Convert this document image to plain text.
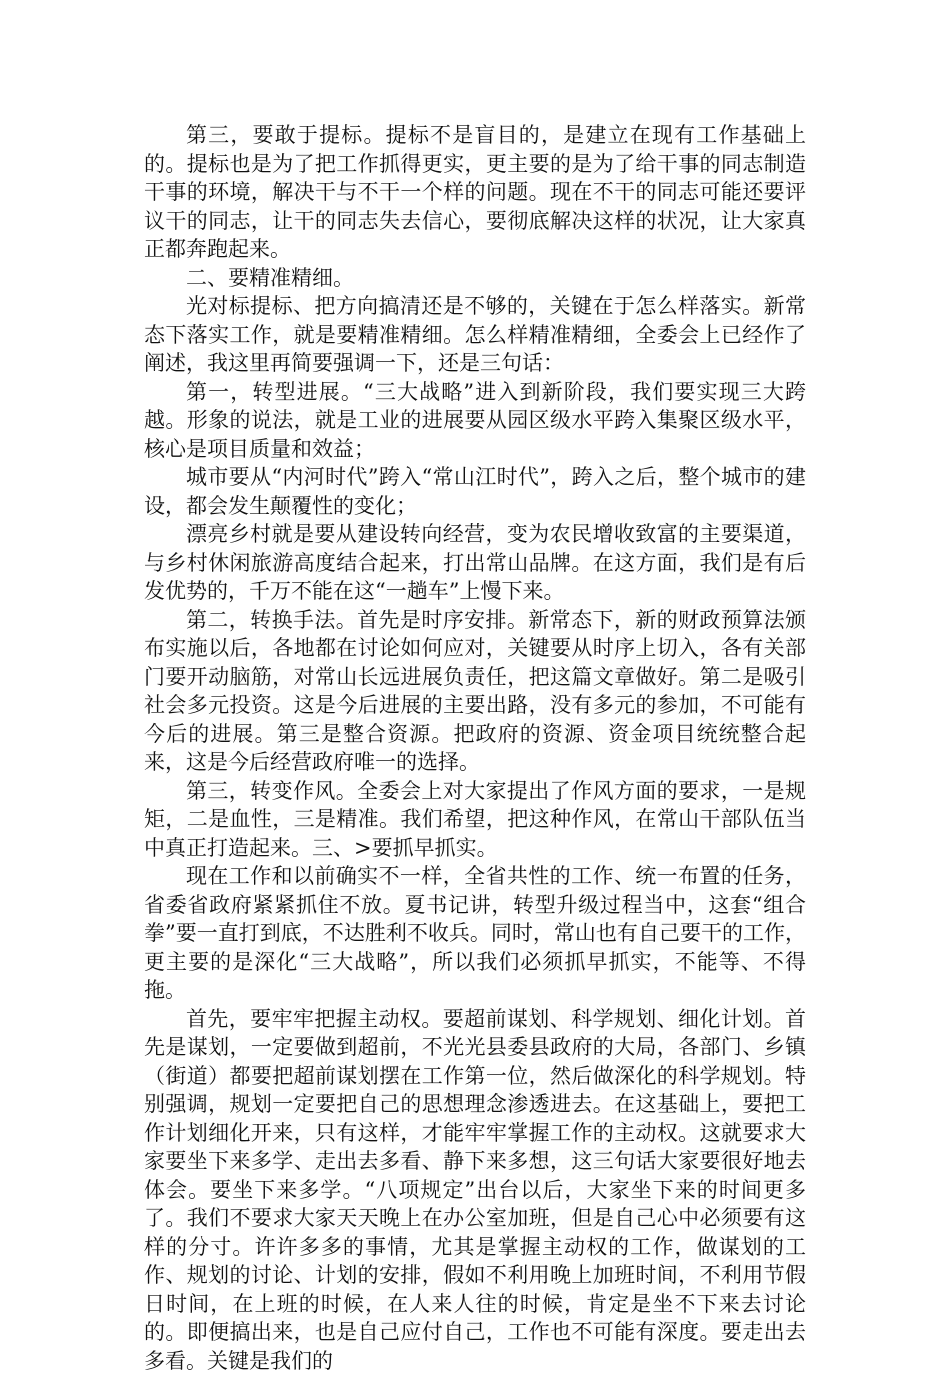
第三，要敢于提标。提标不是盲目的，是建立在现有工作基础上的。提标也是为了把工作抓得更实，更主要的是为了给干事的同志制造干事的环境，解决干与不干一个样的问题。现在不干的同志可能还要评议干的同志，让干的同志失去信心，要彻底解决这样的状况，让大家真正都奔跑起来。

二、要精准精细。

光对标提标、把方向搞清还是不够的，关键在于怎么样落实。新常态下落实工作，就是要精准精细。怎么样精准精细，全委会上已经作了阐述，我这里再简要强调一下，还是三句话：

第一，转型进展。“三大战略”进入到新阶段，我们要实现三大跨越。形象的说法，就是工业的进展要从园区级水平跨入集聚区级水平，核心是项目质量和效益；

城市要从“内河时代”跨入“常山江时代”，跨入之后，整个城市的建设，都会发生颠覆性的变化；

漂亮乡村就是要从建设转向经营，变为农民增收致富的主要渠道，与乡村休闲旅游高度结合起来，打出常山品牌。在这方面，我们是有后发优势的，千万不能在这“一趟车”上慢下来。

第二，转换手法。首先是时序安排。新常态下，新的财政预算法颁布实施以后，各地都在讨论如何应对，关键要从时序上切入，各有关部门要开动脑筋，对常山长远进展负责任，把这篇文章做好。第二是吸引社会多元投资。这是今后进展的主要出路，没有多元的参加，不可能有今后的进展。第三是整合资源。把政府的资源、资金项目统统整合起来，这是今后经营政府唯一的选择。

第三，转变作风。全委会上对大家提出了作风方面的要求，一是规矩，二是血性，三是精准。我们希望，把这种作风，在常山干部队伍当中真正打造起来。三、>要抓早抓实。

现在工作和以前确实不一样，全省共性的工作、统一布置的任务，省委省政府紧紧抓住不放。夏书记讲，转型升级过程当中，这套“组合拳”要一直打到底，不达胜利不收兵。同时，常山也有自己要干的工作，更主要的是深化“三大战略”，所以我们必须抓早抓实，不能等、不得拖。

首先，要牢牢把握主动权。要超前谋划、科学规划、细化计划。首先是谋划，一定要做到超前，不光光县委县政府的大局，各部门、乡镇（街道）都要把超前谋划摆在工作第一位，然后做深化的科学规划。特别强调，规划一定要把自己的思想理念渗透进去。在这基础上，要把工作计划细化开来，只有这样，才能牢牢掌握工作的主动权。这就要求大家要坐下来多学、走出去多看、静下来多想，这三句话大家要很好地去体会。要坐下来多学。“八项规定”出台以后，大家坐下来的时间更多了。我们不要求大家天天晚上在办公室加班，但是自己心中必须要有这样的分寸。许许多多的事情，尤其是掌握主动权的工作，做谋划的工作、规划的讨论、计划的安排，假如不利用晚上加班时间，不利用节假日时间，在上班的时候，在人来人往的时候，肯定是坐不下来去讨论的。即便搞出来，也是自己应付自己，工作也不可能有深度。要走出去多看。关键是我们的
